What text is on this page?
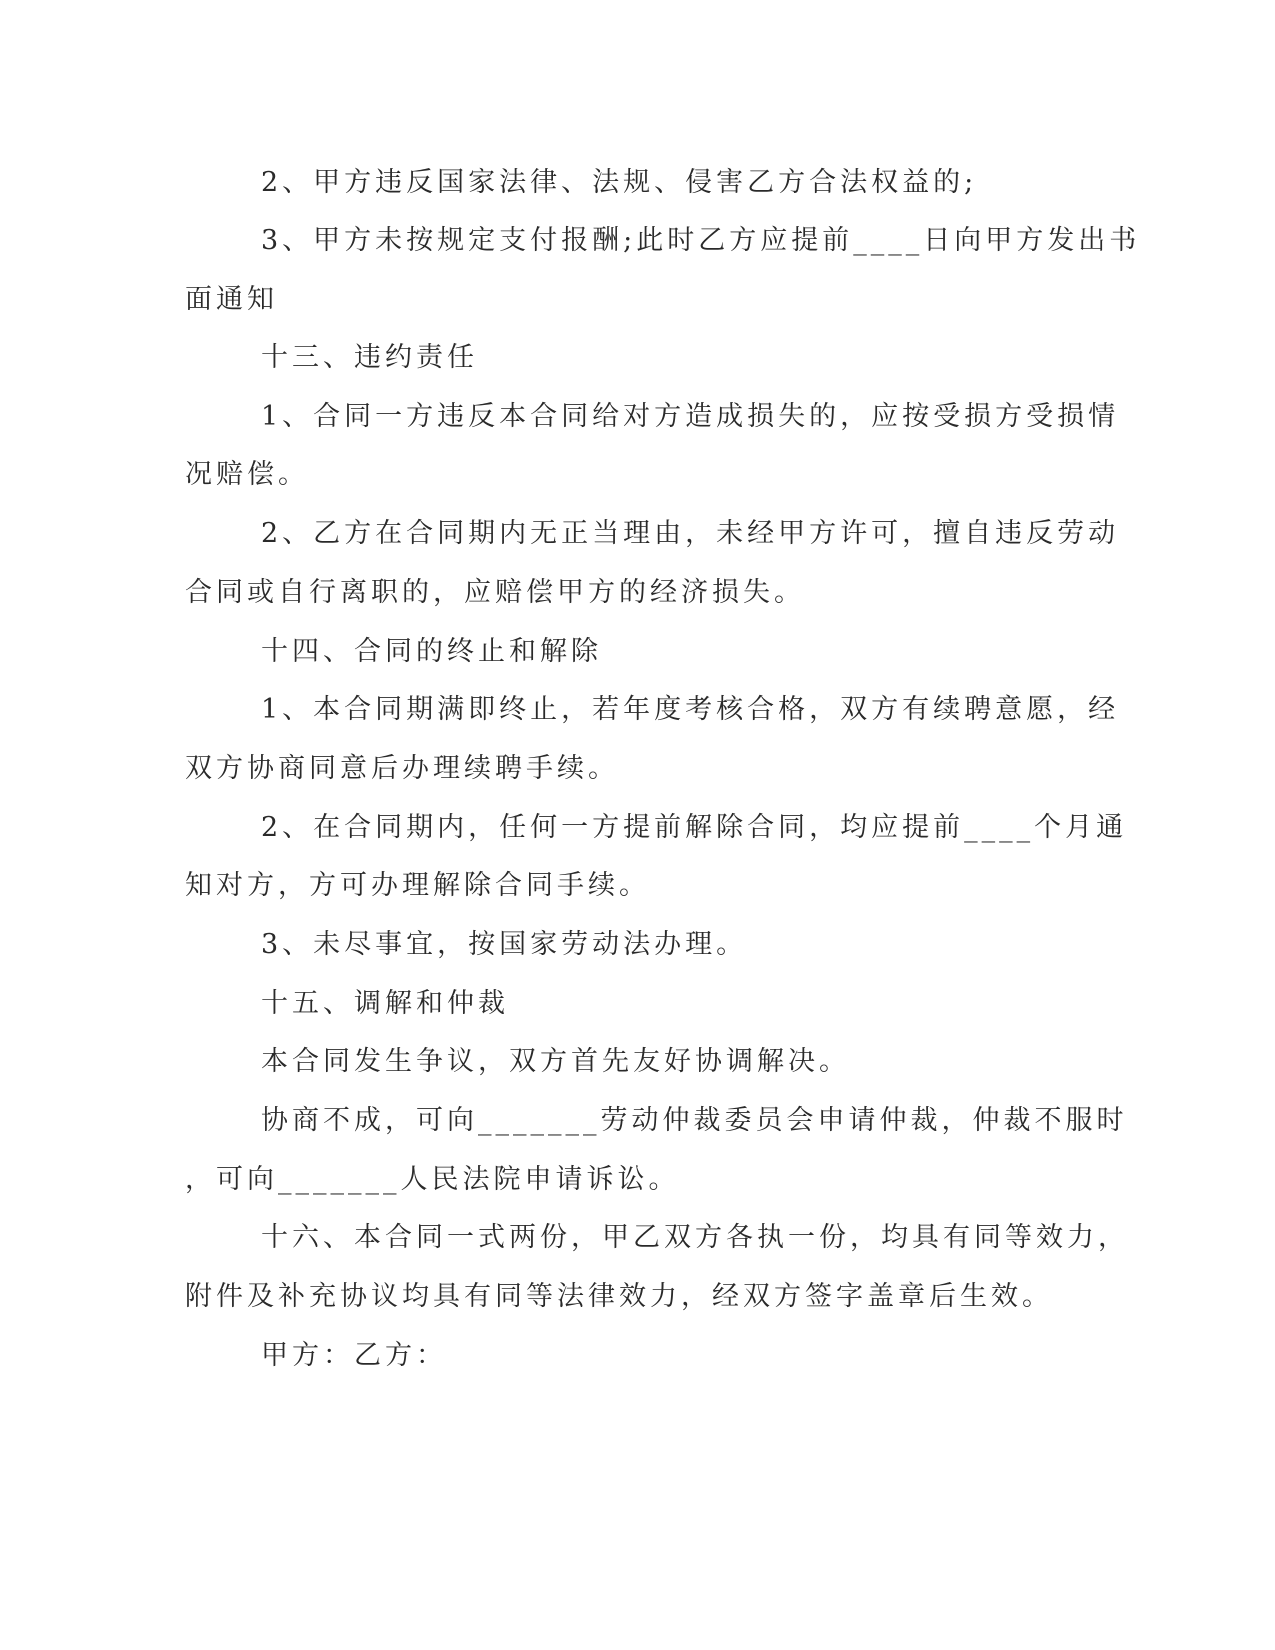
2、甲方违反国家法律、法规、侵害乙方合法权益的;
3、甲方未按规定支付报酬;此时乙方应提前____日向甲方发出书
面通知
十三、违约责任
1、合同一方违反本合同给对方造成损失的，应按受损方受损情
况赔偿。
2、乙方在合同期内无正当理由，未经甲方许可，擅自违反劳动
合同或自行离职的，应赔偿甲方的经济损失。
十四、合同的终止和解除
1、本合同期满即终止，若年度考核合格，双方有续聘意愿，经
双方协商同意后办理续聘手续。
2、在合同期内，任何一方提前解除合同，均应提前____个月通
知对方，方可办理解除合同手续。
3、未尽事宜，按国家劳动法办理。
十五、调解和仲裁
本合同发生争议，双方首先友好协调解决。
协商不成，可向_______劳动仲裁委员会申请仲裁，仲裁不服时
，可向_______人民法院申请诉讼。
十六、本合同一式两份，甲乙双方各执一份，均具有同等效力，
附件及补充协议均具有同等法律效力，经双方签字盖章后生效。
甲方：乙方：
